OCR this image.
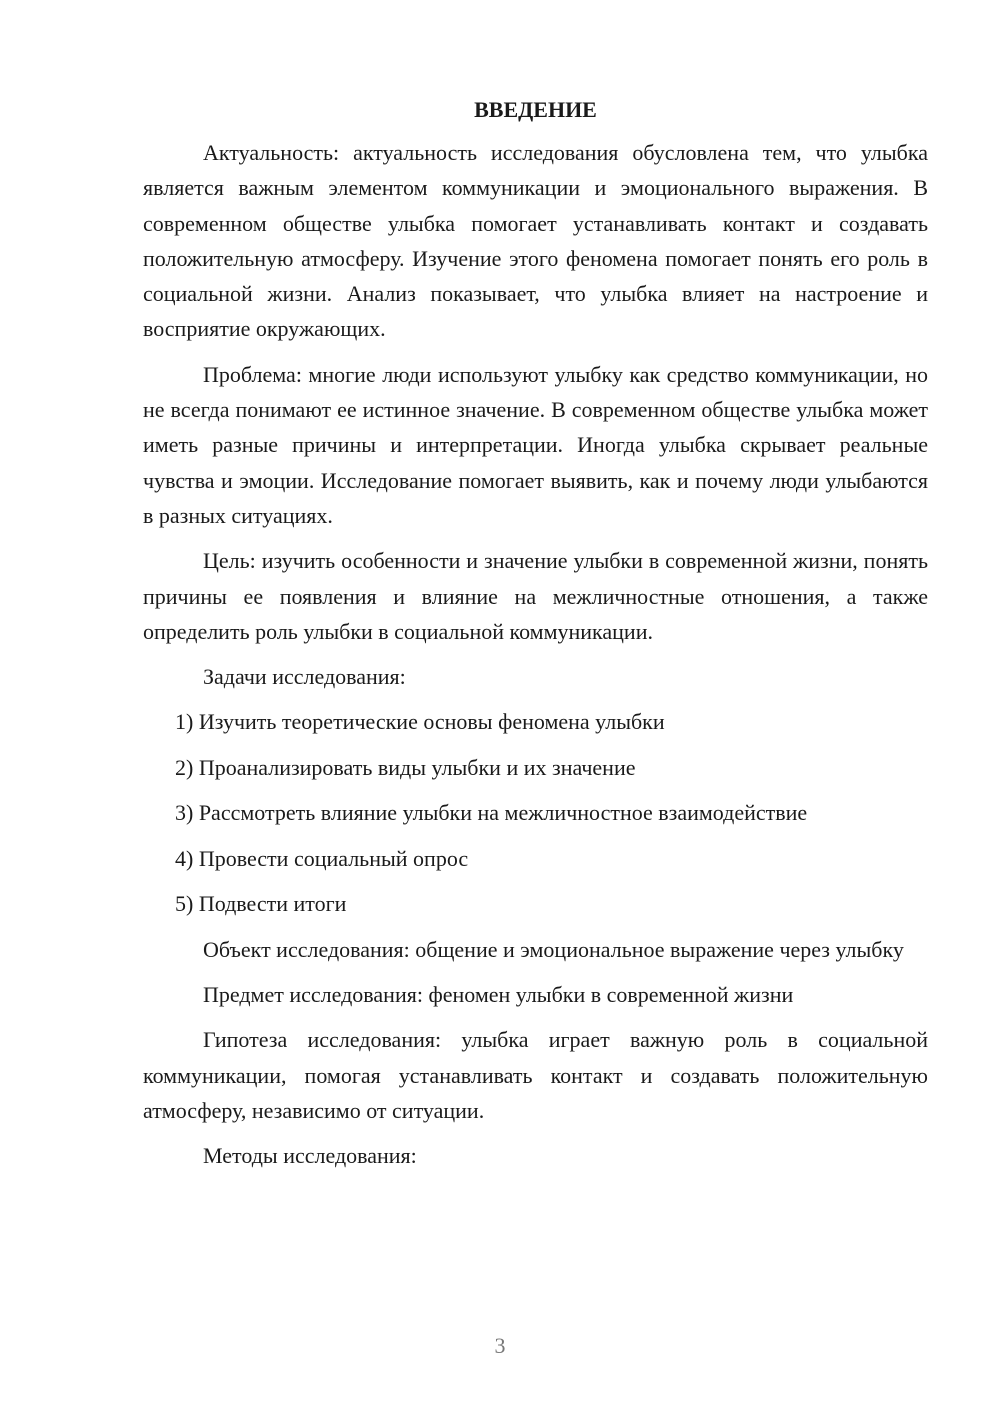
ВВЕДЕНИЕ

Актуальность: актуальность исследования обусловлена тем, что улыбка является важным элементом коммуникации и эмоционального выражения. В современном обществе улыбка помогает устанавливать контакт и создавать положительную атмосферу. Изучение этого феномена помогает понять его роль в социальной жизни. Анализ показывает, что улыбка влияет на настроение и восприятие окружающих.

Проблема: многие люди используют улыбку как средство коммуникации, но не всегда понимают ее истинное значение. В современном обществе улыбка может иметь разные причины и интерпретации. Иногда улыбка скрывает реальные чувства и эмоции. Исследование помогает выявить, как и почему люди улыбаются в разных ситуациях.

Цель: изучить особенности и значение улыбки в современной жизни, понять причины ее появления и влияние на межличностные отношения, а также определить роль улыбки в социальной коммуникации.

Задачи исследования:

1) Изучить теоретические основы феномена улыбки
2) Проанализировать виды улыбки и их значение
3) Рассмотреть влияние улыбки на межличностное взаимодействие
4) Провести социальный опрос
5) Подвести итоги

Объект исследования: общение и эмоциональное выражение через улыбку

Предмет исследования: феномен улыбки в современной жизни

Гипотеза исследования: улыбка играет важную роль в социальной коммуникации, помогая устанавливать контакт и создавать положительную атмосферу, независимо от ситуации.

Методы исследования:

3
